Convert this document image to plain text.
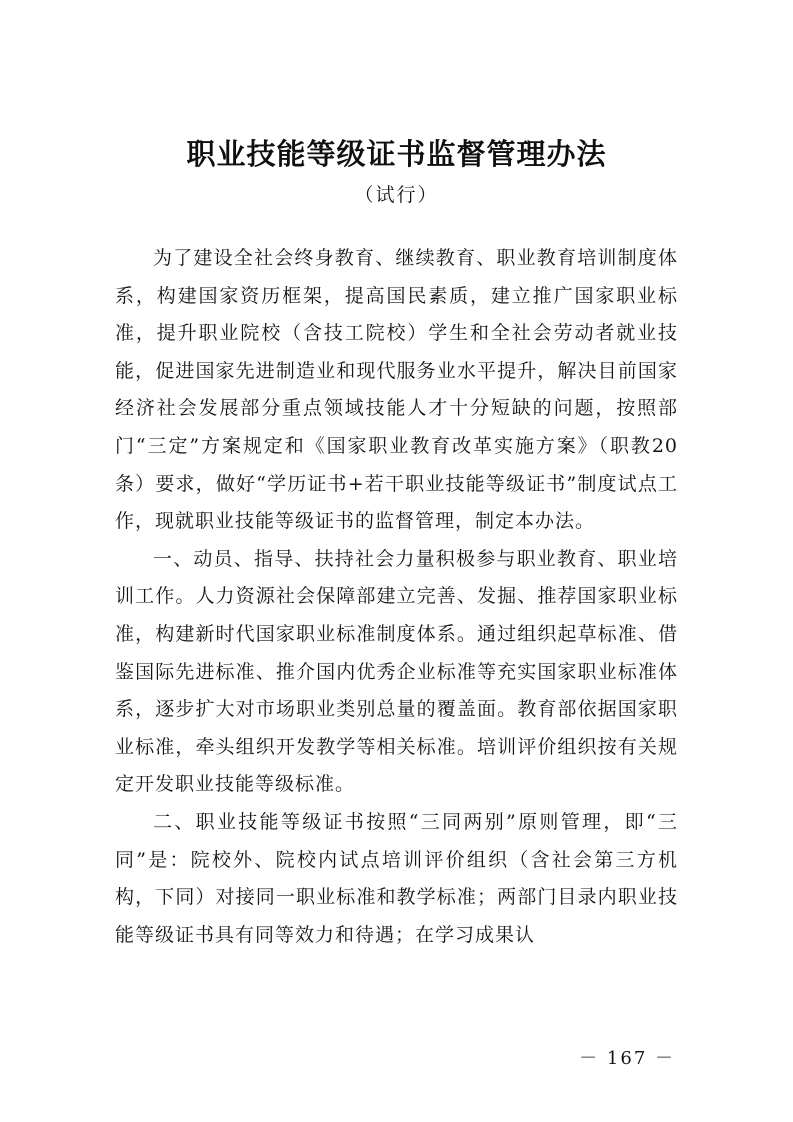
职业技能等级证书监督管理办法
（试行）

为了建设全社会终身教育、继续教育、职业教育培训制度体系，构建国家资历框架，提高国民素质，建立推广国家职业标准，提升职业院校（含技工院校）学生和全社会劳动者就业技能，促进国家先进制造业和现代服务业水平提升，解决目前国家经济社会发展部分重点领域技能人才十分短缺的问题，按照部门“三定”方案规定和《国家职业教育改革实施方案》（职教20条）要求，做好“学历证书+若干职业技能等级证书”制度试点工作，现就职业技能等级证书的监督管理，制定本办法。

一、动员、指导、扶持社会力量积极参与职业教育、职业培训工作。人力资源社会保障部建立完善、发掘、推荐国家职业标准，构建新时代国家职业标准制度体系。通过组织起草标准、借鉴国际先进标准、推介国内优秀企业标准等充实国家职业标准体系，逐步扩大对市场职业类别总量的覆盖面。教育部依据国家职业标准，牵头组织开发教学等相关标准。培训评价组织按有关规定开发职业技能等级标准。

二、职业技能等级证书按照“三同两别”原则管理，即“三同”是：院校外、院校内试点培训评价组织（含社会第三方机构，下同）对接同一职业标准和教学标准；两部门目录内职业技能等级证书具有同等效力和待遇；在学习成果认

－ 167 －
